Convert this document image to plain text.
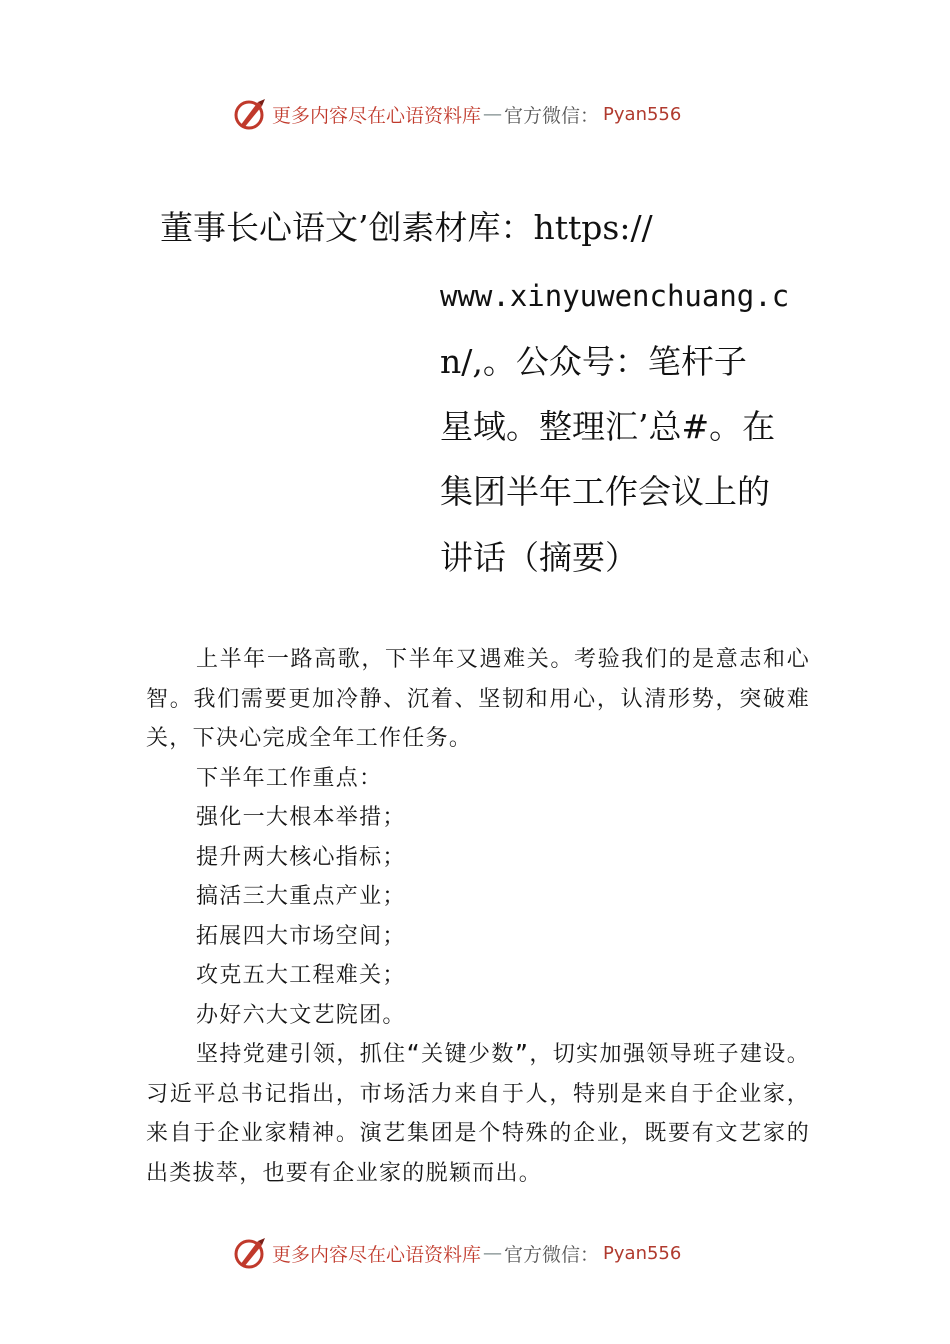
更多内容尽在心语资料库 — 官方微信： Pyan556
董事长心语文’创素材库：https://
www.xinyuwenchuang.c
n/,。公众号：笔杆子
星域。整理汇’总#。在
集团半年工作会议上的
讲话（摘要）

上半年一路高歌，下半年又遇难关。考验我们的是意志和心智。我们需要更加冷静、沉着、坚韧和用心，认清形势，突破难关，下决心完成全年工作任务。

下半年工作重点：

强化一大根本举措；

提升两大核心指标；

搞活三大重点产业；

拓展四大市场空间；

攻克五大工程难关；

办好六大文艺院团。

坚持党建引领，抓住“关键少数”，切实加强领导班子建设。习近平总书记指出，市场活力来自于人，特别是来自于企业家，来自于企业家精神。演艺集团是个特殊的企业，既要有文艺家的出类拔萃，也要有企业家的脱颖而出。

更多内容尽在心语资料库 — 官方微信： Pyan556
